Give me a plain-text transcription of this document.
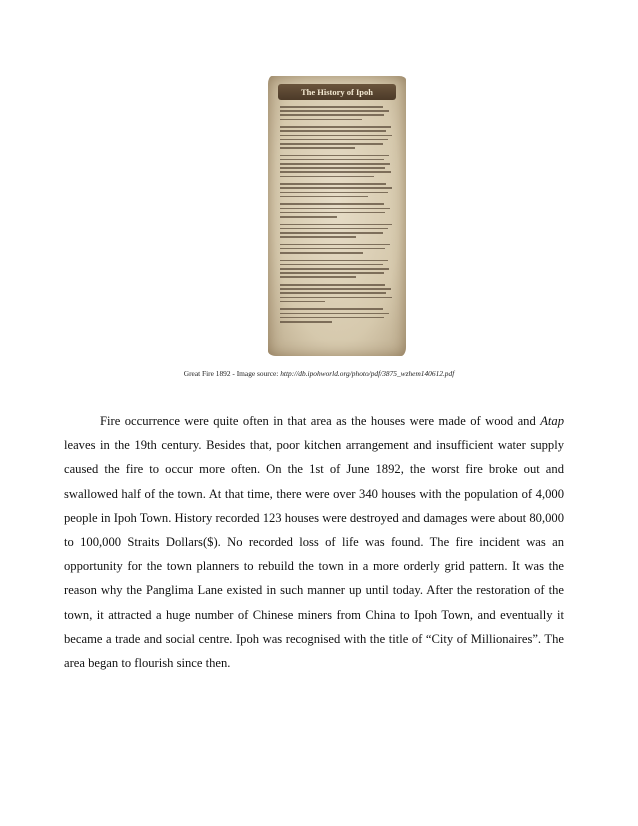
The History of Ipoh
Great Fire 1892 - Image source: http://db.ipohworld.org/photo/pdf/3875_wzhem140612.pdf

Fire occurrence were quite often in that area as the houses were made of wood and Atap leaves in the 19th century. Besides that, poor kitchen arrangement and insufficient water supply caused the fire to occur more often. On the 1st of June 1892, the worst fire broke out and swallowed half of the town. At that time, there were over 340 houses with the population of 4,000 people in Ipoh Town. History recorded 123 houses were destroyed and damages were about 80,000 to 100,000 Straits Dollars($). No recorded loss of life was found. The fire incident was an opportunity for the town planners to rebuild the town in a more orderly grid pattern. It was the reason why the Panglima Lane existed in such manner up until today. After the restoration of the town, it attracted a huge number of Chinese miners from China to Ipoh Town, and eventually it became a trade and social centre. Ipoh was recognised with the title of “City of Millionaires”. The area began to flourish since then.
